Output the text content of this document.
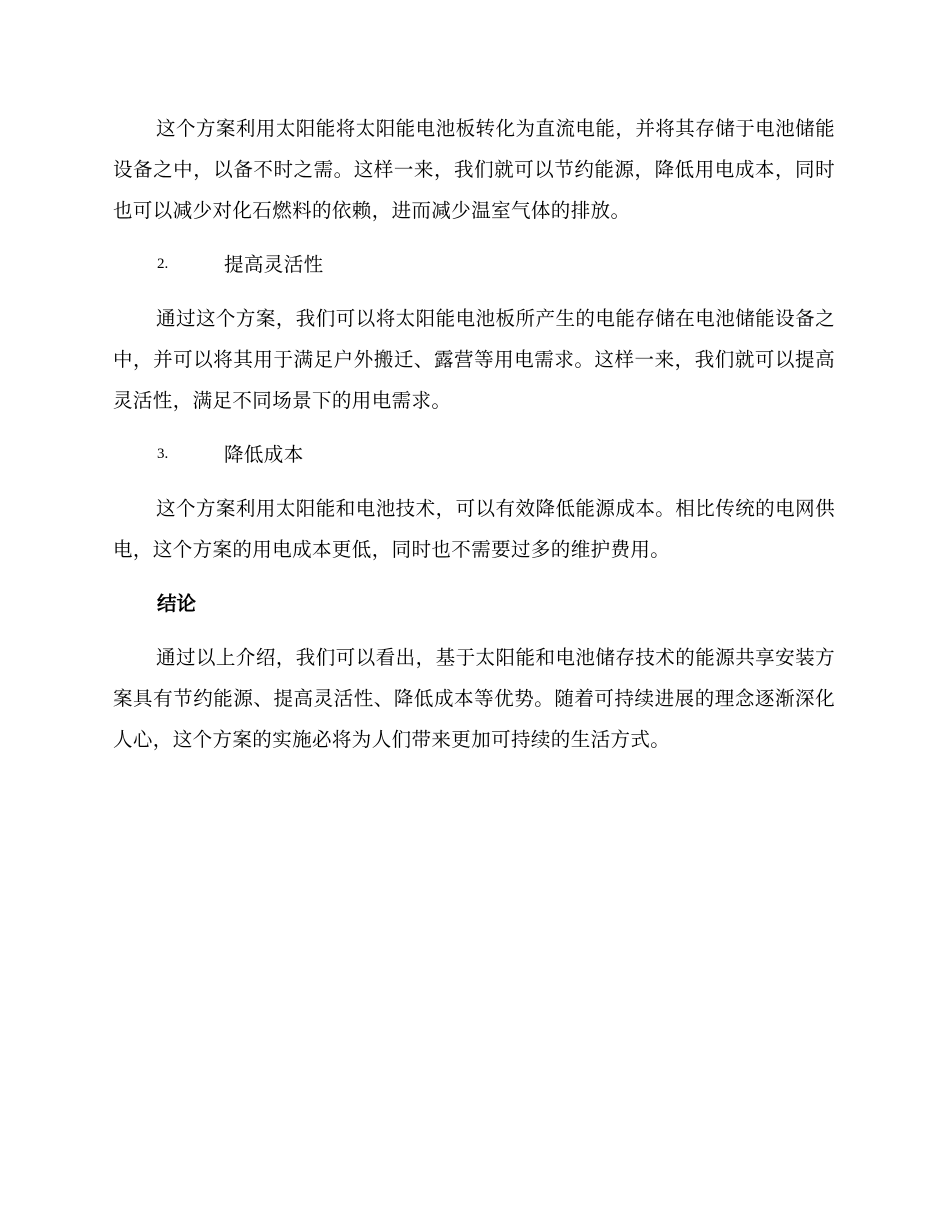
这个方案利用太阳能将太阳能电池板转化为直流电能，并将其存储于电池储能设备之中，以备不时之需。这样一来，我们就可以节约能源，降低用电成本，同时也可以减少对化石燃料的依赖，进而减少温室气体的排放。

2.	提高灵活性

通过这个方案，我们可以将太阳能电池板所产生的电能存储在电池储能设备之中，并可以将其用于满足户外搬迁、露营等用电需求。这样一来，我们就可以提高灵活性，满足不同场景下的用电需求。

3.	降低成本

这个方案利用太阳能和电池技术，可以有效降低能源成本。相比传统的电网供电，这个方案的用电成本更低，同时也不需要过多的维护费用。

结论

通过以上介绍，我们可以看出，基于太阳能和电池储存技术的能源共享安装方案具有节约能源、提高灵活性、降低成本等优势。随着可持续进展的理念逐渐深化人心，这个方案的实施必将为人们带来更加可持续的生活方式。
